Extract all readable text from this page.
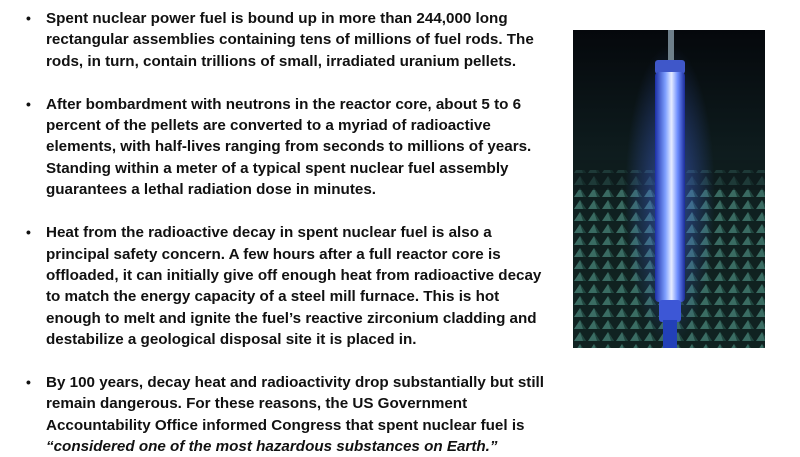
• Spent nuclear power fuel is bound up in more than 244,000 long rectangular assemblies containing tens of millions of fuel rods. The rods, in turn, contain trillions of small, irradiated uranium pellets.
• After bombardment with neutrons in the reactor core, about 5 to 6 percent of the pellets are converted to a myriad of radioactive elements, with half-lives ranging from seconds to millions of years. Standing within a meter of a typical spent nuclear fuel assembly guarantees a lethal radiation dose in minutes.
• Heat from the radioactive decay in spent nuclear fuel is also a principal safety concern. A few hours after a full reactor core is offloaded, it can initially give off enough heat from radioactive decay to match the energy capacity of a steel mill furnace. This is hot enough to melt and ignite the fuel’s reactive zirconium cladding and destabilize a geological disposal site it is placed in.
• By 100 years, decay heat and radioactivity drop substantially but still remain dangerous. For these reasons, the US Government Accountability Office informed Congress that spent nuclear fuel is “considered one of the most hazardous substances on Earth.”
